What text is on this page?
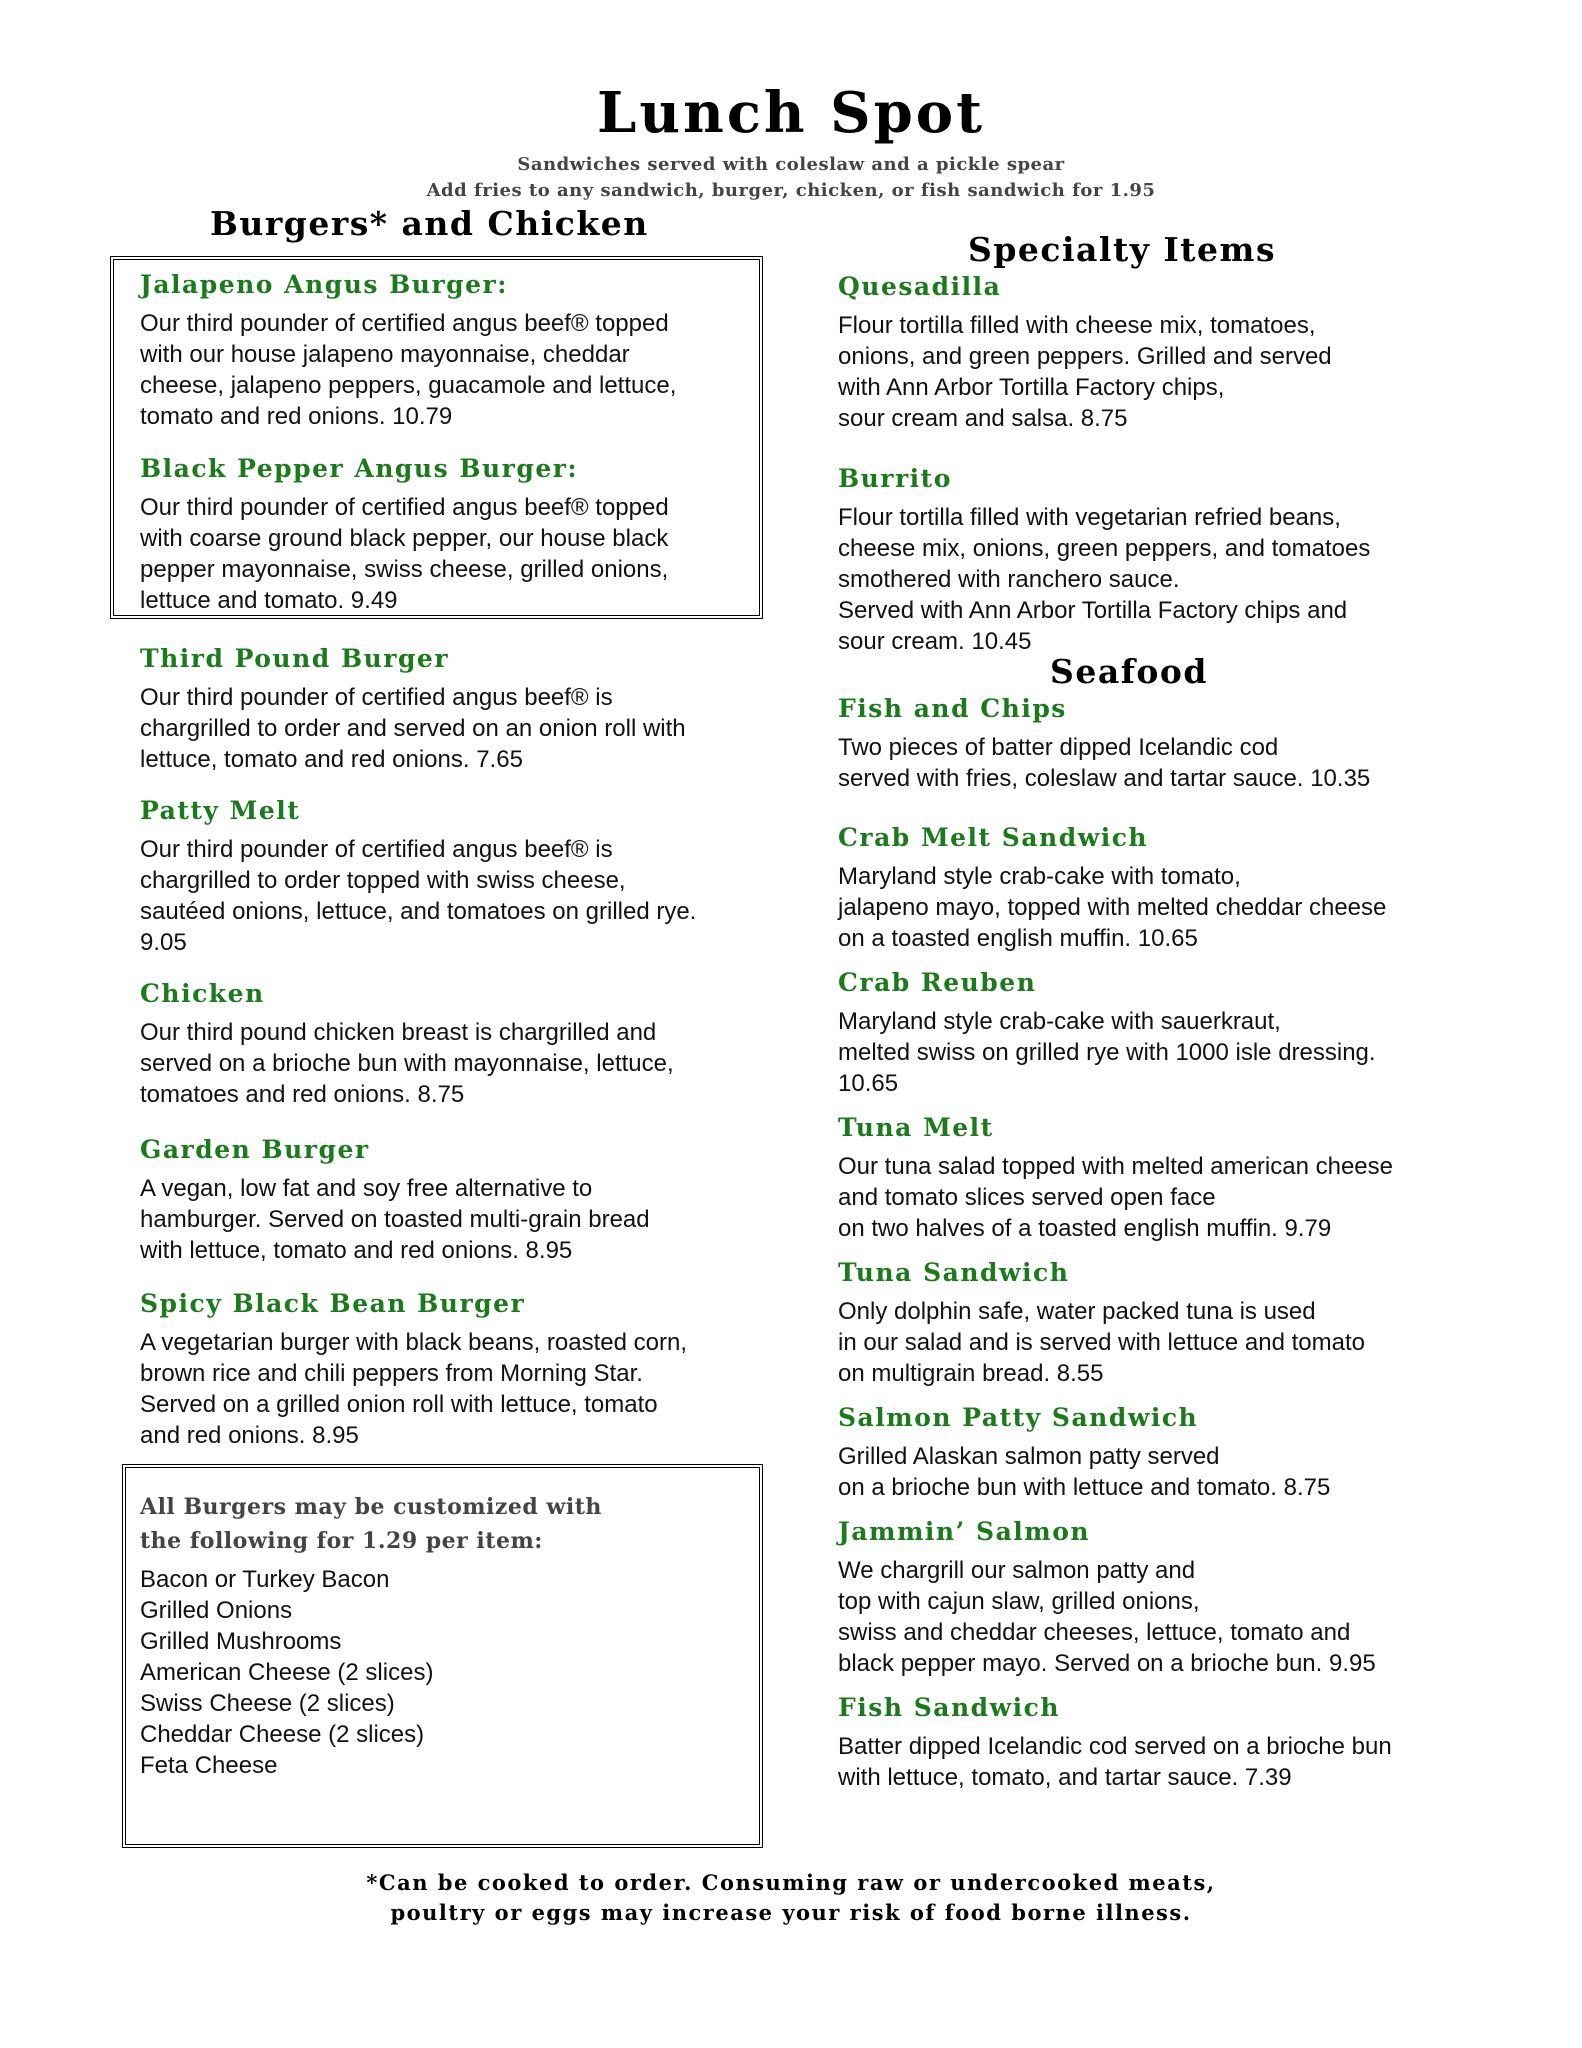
Lunch Spot
Sandwiches served with coleslaw and a pickle spear
Add fries to any sandwich, burger, chicken, or fish sandwich for 1.95
Burgers* and Chicken
Specialty Items
Seafood
Jalapeno Angus Burger:
Our third pounder of certified angus beef® topped
with our house jalapeno mayonnaise, cheddar
cheese, jalapeno peppers, guacamole and lettuce,
tomato and red onions. 10.79
Black Pepper Angus Burger:
Our third pounder of certified angus beef® topped
with coarse ground black pepper, our house black
pepper mayonnaise, swiss cheese, grilled onions,
lettuce and tomato. 9.49
Third Pound Burger
Our third pounder of certified angus beef® is
chargrilled to order and served on an onion roll with
lettuce, tomato and red onions. 7.65
Patty Melt
Our third pounder of certified angus beef® is
chargrilled to order topped with swiss cheese,
sautéed onions, lettuce, and tomatoes on grilled rye.
9.05
Chicken
Our third pound chicken breast is chargrilled and
served on a brioche bun with mayonnaise, lettuce,
tomatoes and red onions. 8.75
Garden Burger
A vegan, low fat and soy free alternative to
hamburger. Served on toasted multi-grain bread
with lettuce, tomato and red onions. 8.95
Spicy Black Bean Burger
A vegetarian burger with black beans, roasted corn,
brown rice and chili peppers from Morning Star.
Served on a grilled onion roll with lettuce, tomato
and red onions. 8.95
All Burgers may be customized with
the following for 1.29 per item:
Bacon or Turkey Bacon
Grilled Onions
Grilled Mushrooms
American Cheese (2 slices)
Swiss Cheese (2 slices)
Cheddar Cheese (2 slices)
Feta Cheese
Quesadilla
Flour tortilla filled with cheese mix, tomatoes,
onions, and green peppers. Grilled and served
with Ann Arbor Tortilla Factory chips,
sour cream and salsa. 8.75
Burrito
Flour tortilla filled with vegetarian refried beans,
cheese mix, onions, green peppers, and tomatoes
smothered with ranchero sauce.
Served with Ann Arbor Tortilla Factory chips and
sour cream. 10.45
Fish and Chips
Two pieces of batter dipped Icelandic cod
served with fries, coleslaw and tartar sauce. 10.35
Crab Melt Sandwich
Maryland style crab-cake with tomato,
jalapeno mayo, topped with melted cheddar cheese
on a toasted english muffin. 10.65
Crab Reuben
Maryland style crab-cake with sauerkraut,
melted swiss on grilled rye with 1000 isle dressing.
10.65
Tuna Melt
Our tuna salad topped with melted american cheese
and tomato slices served open face
on two halves of a toasted english muffin. 9.79
Tuna Sandwich
Only dolphin safe, water packed tuna is used
in our salad and is served with lettuce and tomato
on multigrain bread. 8.55
Salmon Patty Sandwich
Grilled Alaskan salmon patty served
on a brioche bun with lettuce and tomato. 8.75
Jammin’ Salmon
We chargrill our salmon patty and
top with cajun slaw, grilled onions,
swiss and cheddar cheeses, lettuce, tomato and
black pepper mayo. Served on a brioche bun. 9.95
Fish Sandwich
Batter dipped Icelandic cod served on a brioche bun
with lettuce, tomato, and tartar sauce. 7.39
*Can be cooked to order. Consuming raw or undercooked meats,
poultry or eggs may increase your risk of food borne illness.
